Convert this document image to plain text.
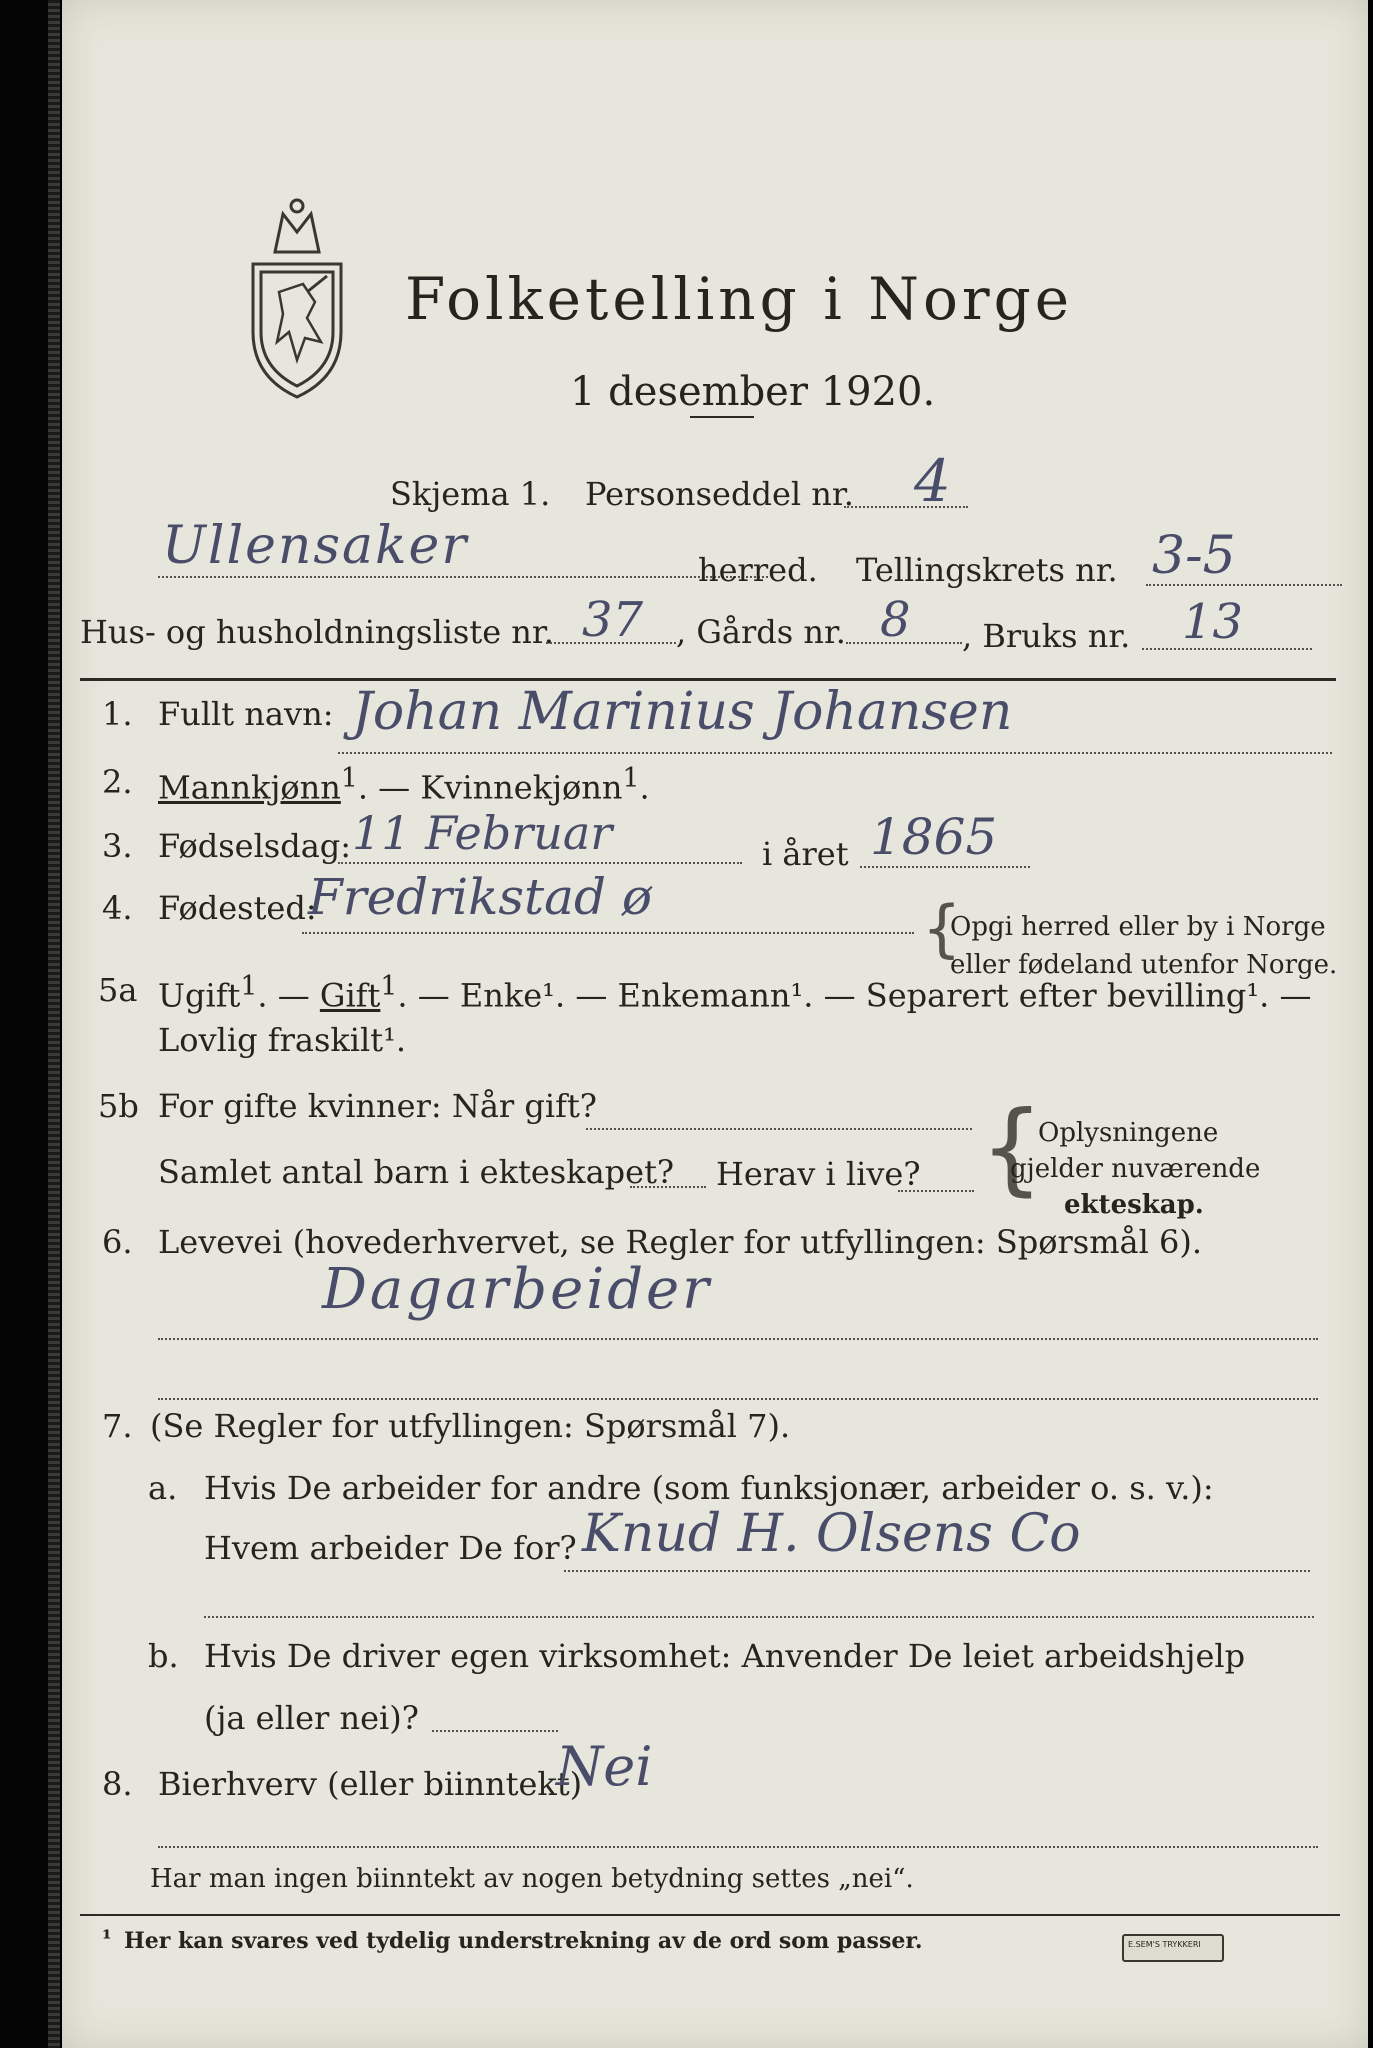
Folketelling i Norge
1 desember 1920.
Skjema 1. Personseddel nr. 4
Ullensaker	herred. Tellingskrets nr. 3-5
Hus- og husholdningsliste nr. 37 , Gårds nr. 8 , Bruks nr. 13
1. Fullt navn: Johan Marinius Johansen
2. Mannkjønn$^1$. — Kvinnekjønn$^1$.
3. Fødselsdag: 11 Februar	i året 1865
4. Fødested:
Fredrikstad ø	{
Opgi herred eller by i Norge
eller fødeland utenfor Norge.
5a Ugift$^1$. — Gift$^1$. — Enke¹. — Enkemann¹. — Separert efter bevilling¹. —
Lovlig fraskilt¹.
5b For gifte kvinner: Når gift?
Samlet antal barn i ekteskapet? Herav i live? {
Oplysningene
gjelder nuværende
ekteskap.
6. Levevei (hovederhvervet, se Regler for utfyllingen: Spørsmål 6).
Dagarbeider
7. (Se Regler for utfyllingen: Spørsmål 7).
a. Hvis De arbeider for andre (som funksjonær, arbeider o. s. v.):
Hvem arbeider De for? Knud H. Olsens Co
b. Hvis De driver egen virksomhet: Anvender De leiet arbeidshjelp
(ja eller nei)?
8. Bierhverv (eller biinntekt)
Nei
Har man ingen biinntekt av nogen betydning settes „nei“.
¹ Her kan svares ved tydelig understrekning av de ord som passer.	E.SEM'S TRYKKERI
